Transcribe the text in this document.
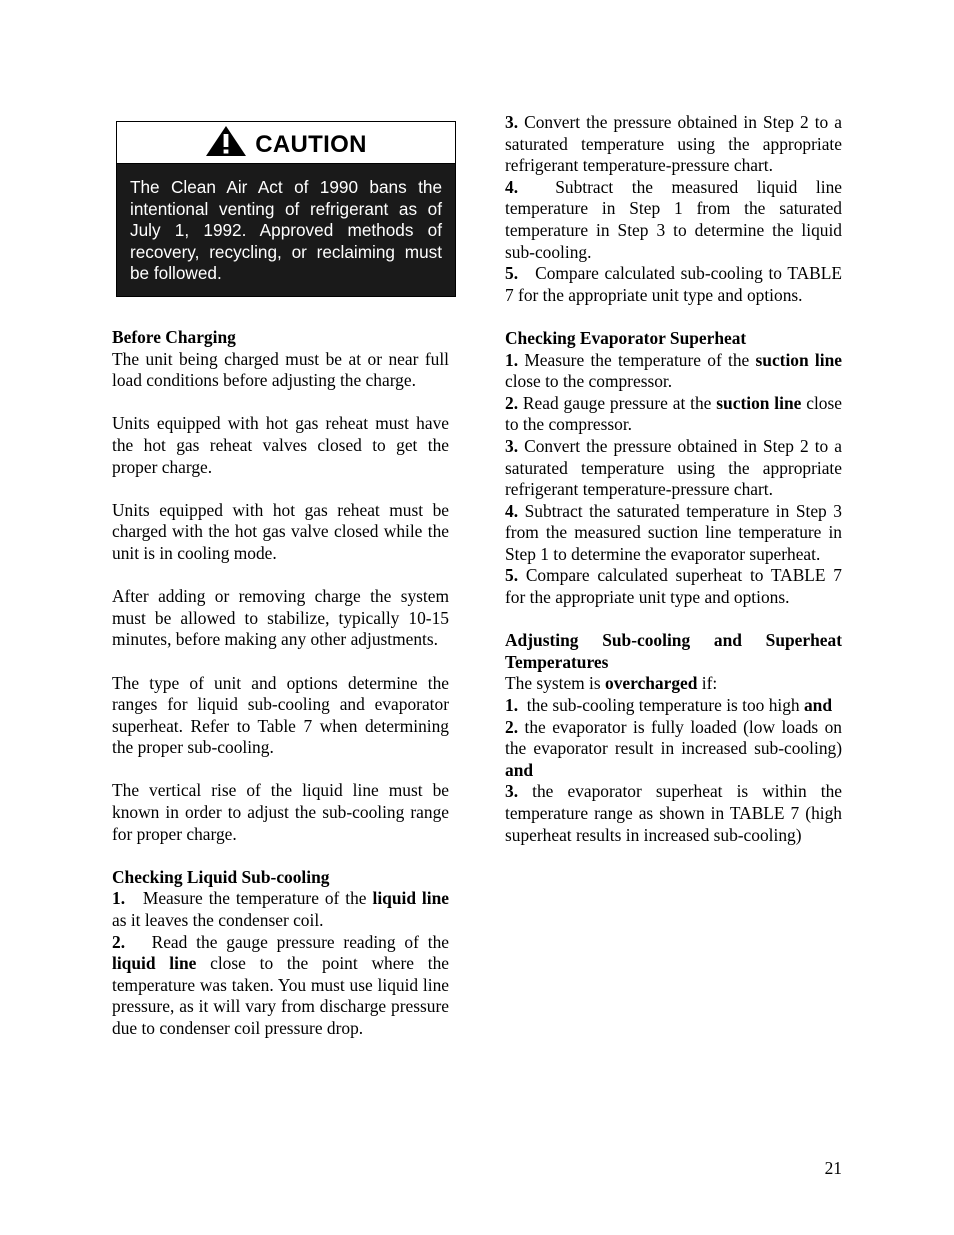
CAUTION
The Clean Air Act of 1990 bans the intentional venting of refrigerant as of July 1, 1992. Approved methods of recovery, recycling, or reclaiming must be followed.

Before Charging

The unit being charged must be at or near full load conditions before adjusting the charge.

Units equipped with hot gas reheat must have the hot gas reheat valves closed to get the proper charge.

Units equipped with hot gas reheat must be charged with the hot gas valve closed while the unit is in cooling mode.

After adding or removing charge the system must be allowed to stabilize, typically 10-15 minutes, before making any other adjustments.

The type of unit and options determine the ranges for liquid sub-cooling and evaporator superheat. Refer to Table 7 when determining the proper sub-cooling.

The vertical rise of the liquid line must be known in order to adjust the sub-cooling range for proper charge.

Checking Liquid Sub-cooling

1. Measure the temperature of the liquid line as it leaves the condenser coil.

2. Read the gauge pressure reading of the liquid line close to the point where the temperature was taken. You must use liquid line pressure, as it will vary from discharge pressure due to condenser coil pressure drop.

3. Convert the pressure obtained in Step 2 to a saturated temperature using the appropriate refrigerant temperature-pressure chart.

4. Subtract the measured liquid line temperature in Step 1 from the saturated temperature in Step 3 to determine the liquid sub-cooling.

5. Compare calculated sub-cooling to TABLE 7 for the appropriate unit type and options.

Checking Evaporator Superheat

1. Measure the temperature of the suction line close to the compressor.

2. Read gauge pressure at the suction line close to the compressor.

3. Convert the pressure obtained in Step 2 to a saturated temperature using the appropriate refrigerant temperature-pressure chart.

4. Subtract the saturated temperature in Step 3 from the measured suction line temperature in Step 1 to determine the evaporator superheat.

5. Compare calculated superheat to TABLE 7 for the appropriate unit type and options.

Adjusting Sub-cooling and Superheat Temperatures

The system is overcharged if:

1. the sub-cooling temperature is too high and

2. the evaporator is fully loaded (low loads on the evaporator result in increased sub-cooling) and

3. the evaporator superheat is within the temperature range as shown in TABLE 7 (high superheat results in increased sub-cooling)

21
